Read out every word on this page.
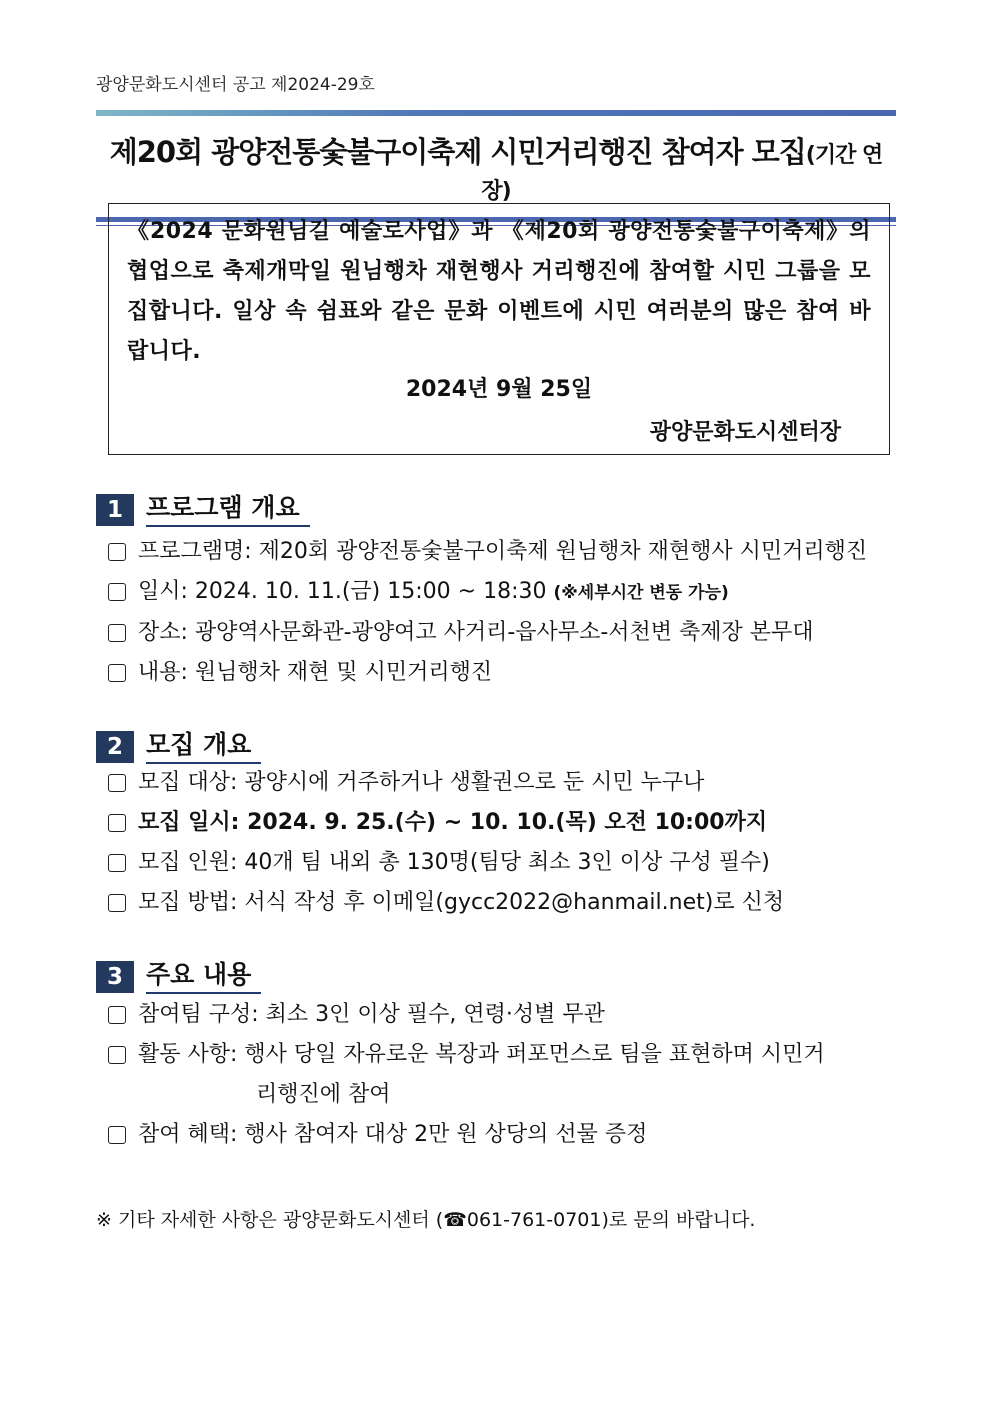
광양문화도시센터 공고 제2024-29호
제20회 광양전통숯불구이축제 시민거리행진 참여자 모집(기간 연장)
《2024 문화원님길 예술로사업》과 《제20회 광양전통숯불구이축제》의 협업으로 축제개막일 원님행차 재현행사 거리행진에 참여할 시민 그룹을 모집합니다. 일상 속 쉼표와 같은 문화 이벤트에 시민 여러분의 많은 참여 바랍니다.
2024년 9월 25일
광양문화도시센터장
1 프로그램 개요
프로그램명: 제20회 광양전통숯불구이축제 원님행차 재현행사 시민거리행진
일시: 2024. 10. 11.(금) 15:00 ~ 18:30 (※세부시간 변동 가능)
장소: 광양역사문화관-광양여고 사거리-읍사무소-서천변 축제장 본무대
내용: 원님행차 재현 및 시민거리행진
2 모집 개요
모집 대상: 광양시에 거주하거나 생활권으로 둔 시민 누구나
모집 일시: 2024. 9. 25.(수) ~ 10. 10.(목) 오전 10:00까지
모집 인원: 40개 팀 내외 총 130명(팀당 최소 3인 이상 구성 필수)
모집 방법: 서식 작성 후 이메일(gycc2022@hanmail.net)로 신청
3 주요 내용
참여팀 구성: 최소 3인 이상 필수, 연령·성별 무관
활동 사항: 행사 당일 자유로운 복장과 퍼포먼스로 팀을 표현하며 시민거
리행진에 참여
참여 혜택: 행사 참여자 대상 2만 원 상당의 선물 증정
※ 기타 자세한 사항은 광양문화도시센터 (☎061-761-0701)로 문의 바랍니다.
